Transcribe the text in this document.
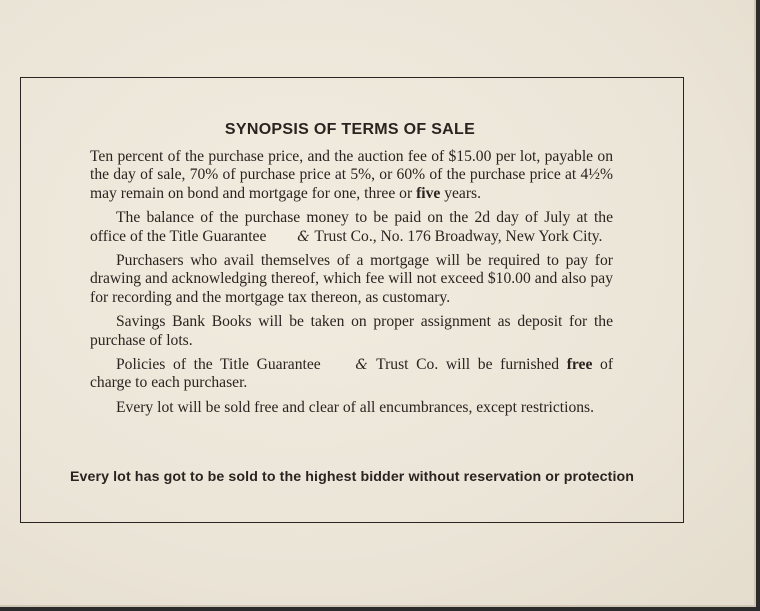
SYNOPSIS OF TERMS OF SALE

Ten percent of the purchase price, and the auction fee of $15.00 per lot, payable on the day of sale, 70% of purchase price at 5%, or 60% of the purchase price at 4½% may remain on bond and mortgage for one, three or five years.

The balance of the purchase money to be paid on the 2d day of July at the office of the Title Guarantee & Trust Co., No. 176 Broadway, New York City.

Purchasers who avail themselves of a mortgage will be required to pay for drawing and acknowledging thereof, which fee will not exceed $10.00 and also pay for recording and the mortgage tax thereon, as customary.

Savings Bank Books will be taken on proper assignment as deposit for the purchase of lots.

Policies of the Title Guarantee & Trust Co. will be furnished free of charge to each purchaser.

Every lot will be sold free and clear of all encumbrances, except restrictions.

Every lot has got to be sold to the highest bidder without reservation or protection
